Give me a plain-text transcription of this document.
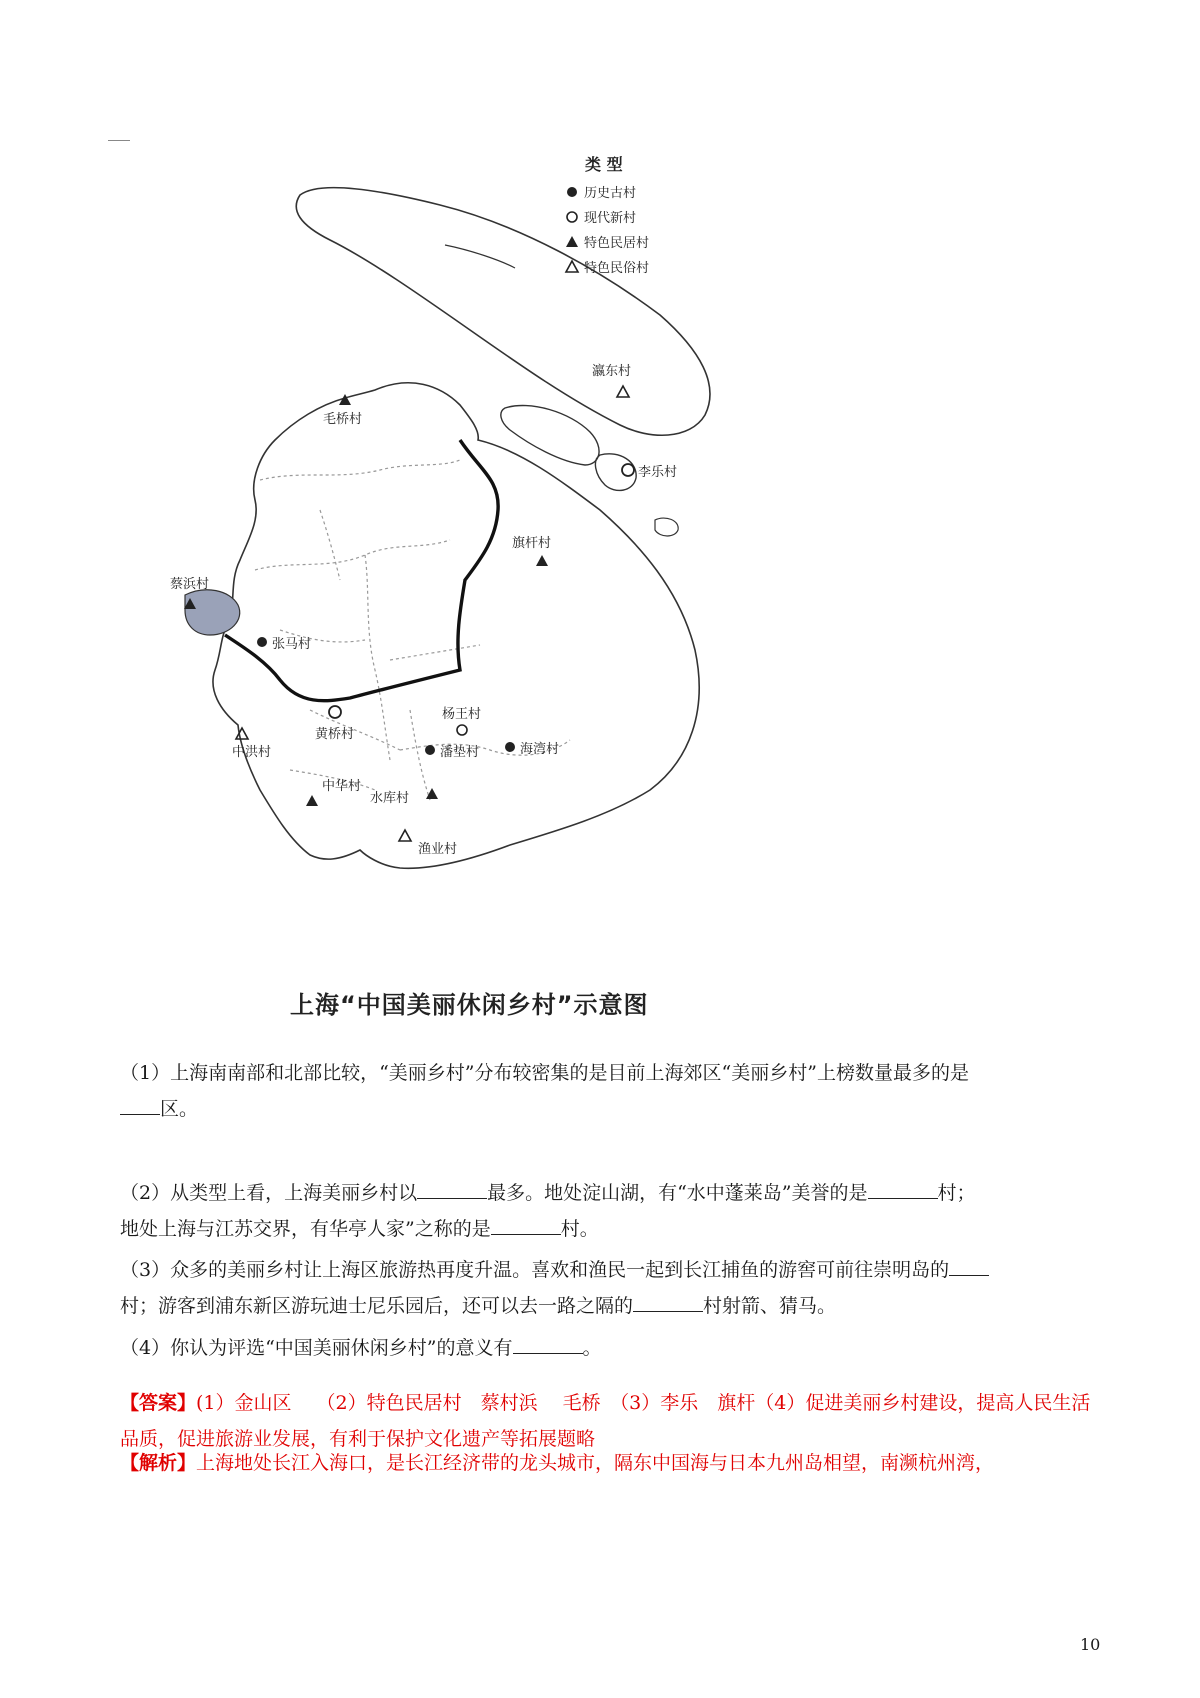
类 型
历史古村
现代新村
特色民居村
特色民俗村
瀛东村
毛桥村
李乐村
旗杆村
蔡浜村
张马村
黄桥村
杨王村
中洪村	潘垫村	海湾村
中华村
水库村
渔业村
上海“中国美丽休闲乡村”示意图
（1）上海南南部和北部比较，“美丽乡村”分布较密集的是目前上海郊区“美丽乡村”上榜数量最多的是
区。
（2）从类型上看，上海美丽乡村以	最多。地处淀山湖，有“水中蓬莱岛”美誉的是	村；
地处上海与江苏交界，有华亭人家”之称的是	村。
（3）众多的美丽乡村让上海区旅游热再度升温。喜欢和渔民一起到长江捕鱼的游窖可前往崇明岛的
村；游客到浦东新区游玩迪士尼乐园后，还可以去一路之隔的	村射箭、猜马。
（4）你认为评选“中国美丽休闲乡村”的意义有	。
【答案】(1）金山区　 （2）特色民居村　蔡村浜　 毛桥　（3）李乐　旗杆（4）促进美丽乡村建设，提高人民生活品质，促进旅游业发展，有利于保护文化遗产等拓展题略
【解析】上海地处长江入海口，是长江经济带的龙头城市，隔东中国海与日本九州岛相望，南濒杭州湾，
10
